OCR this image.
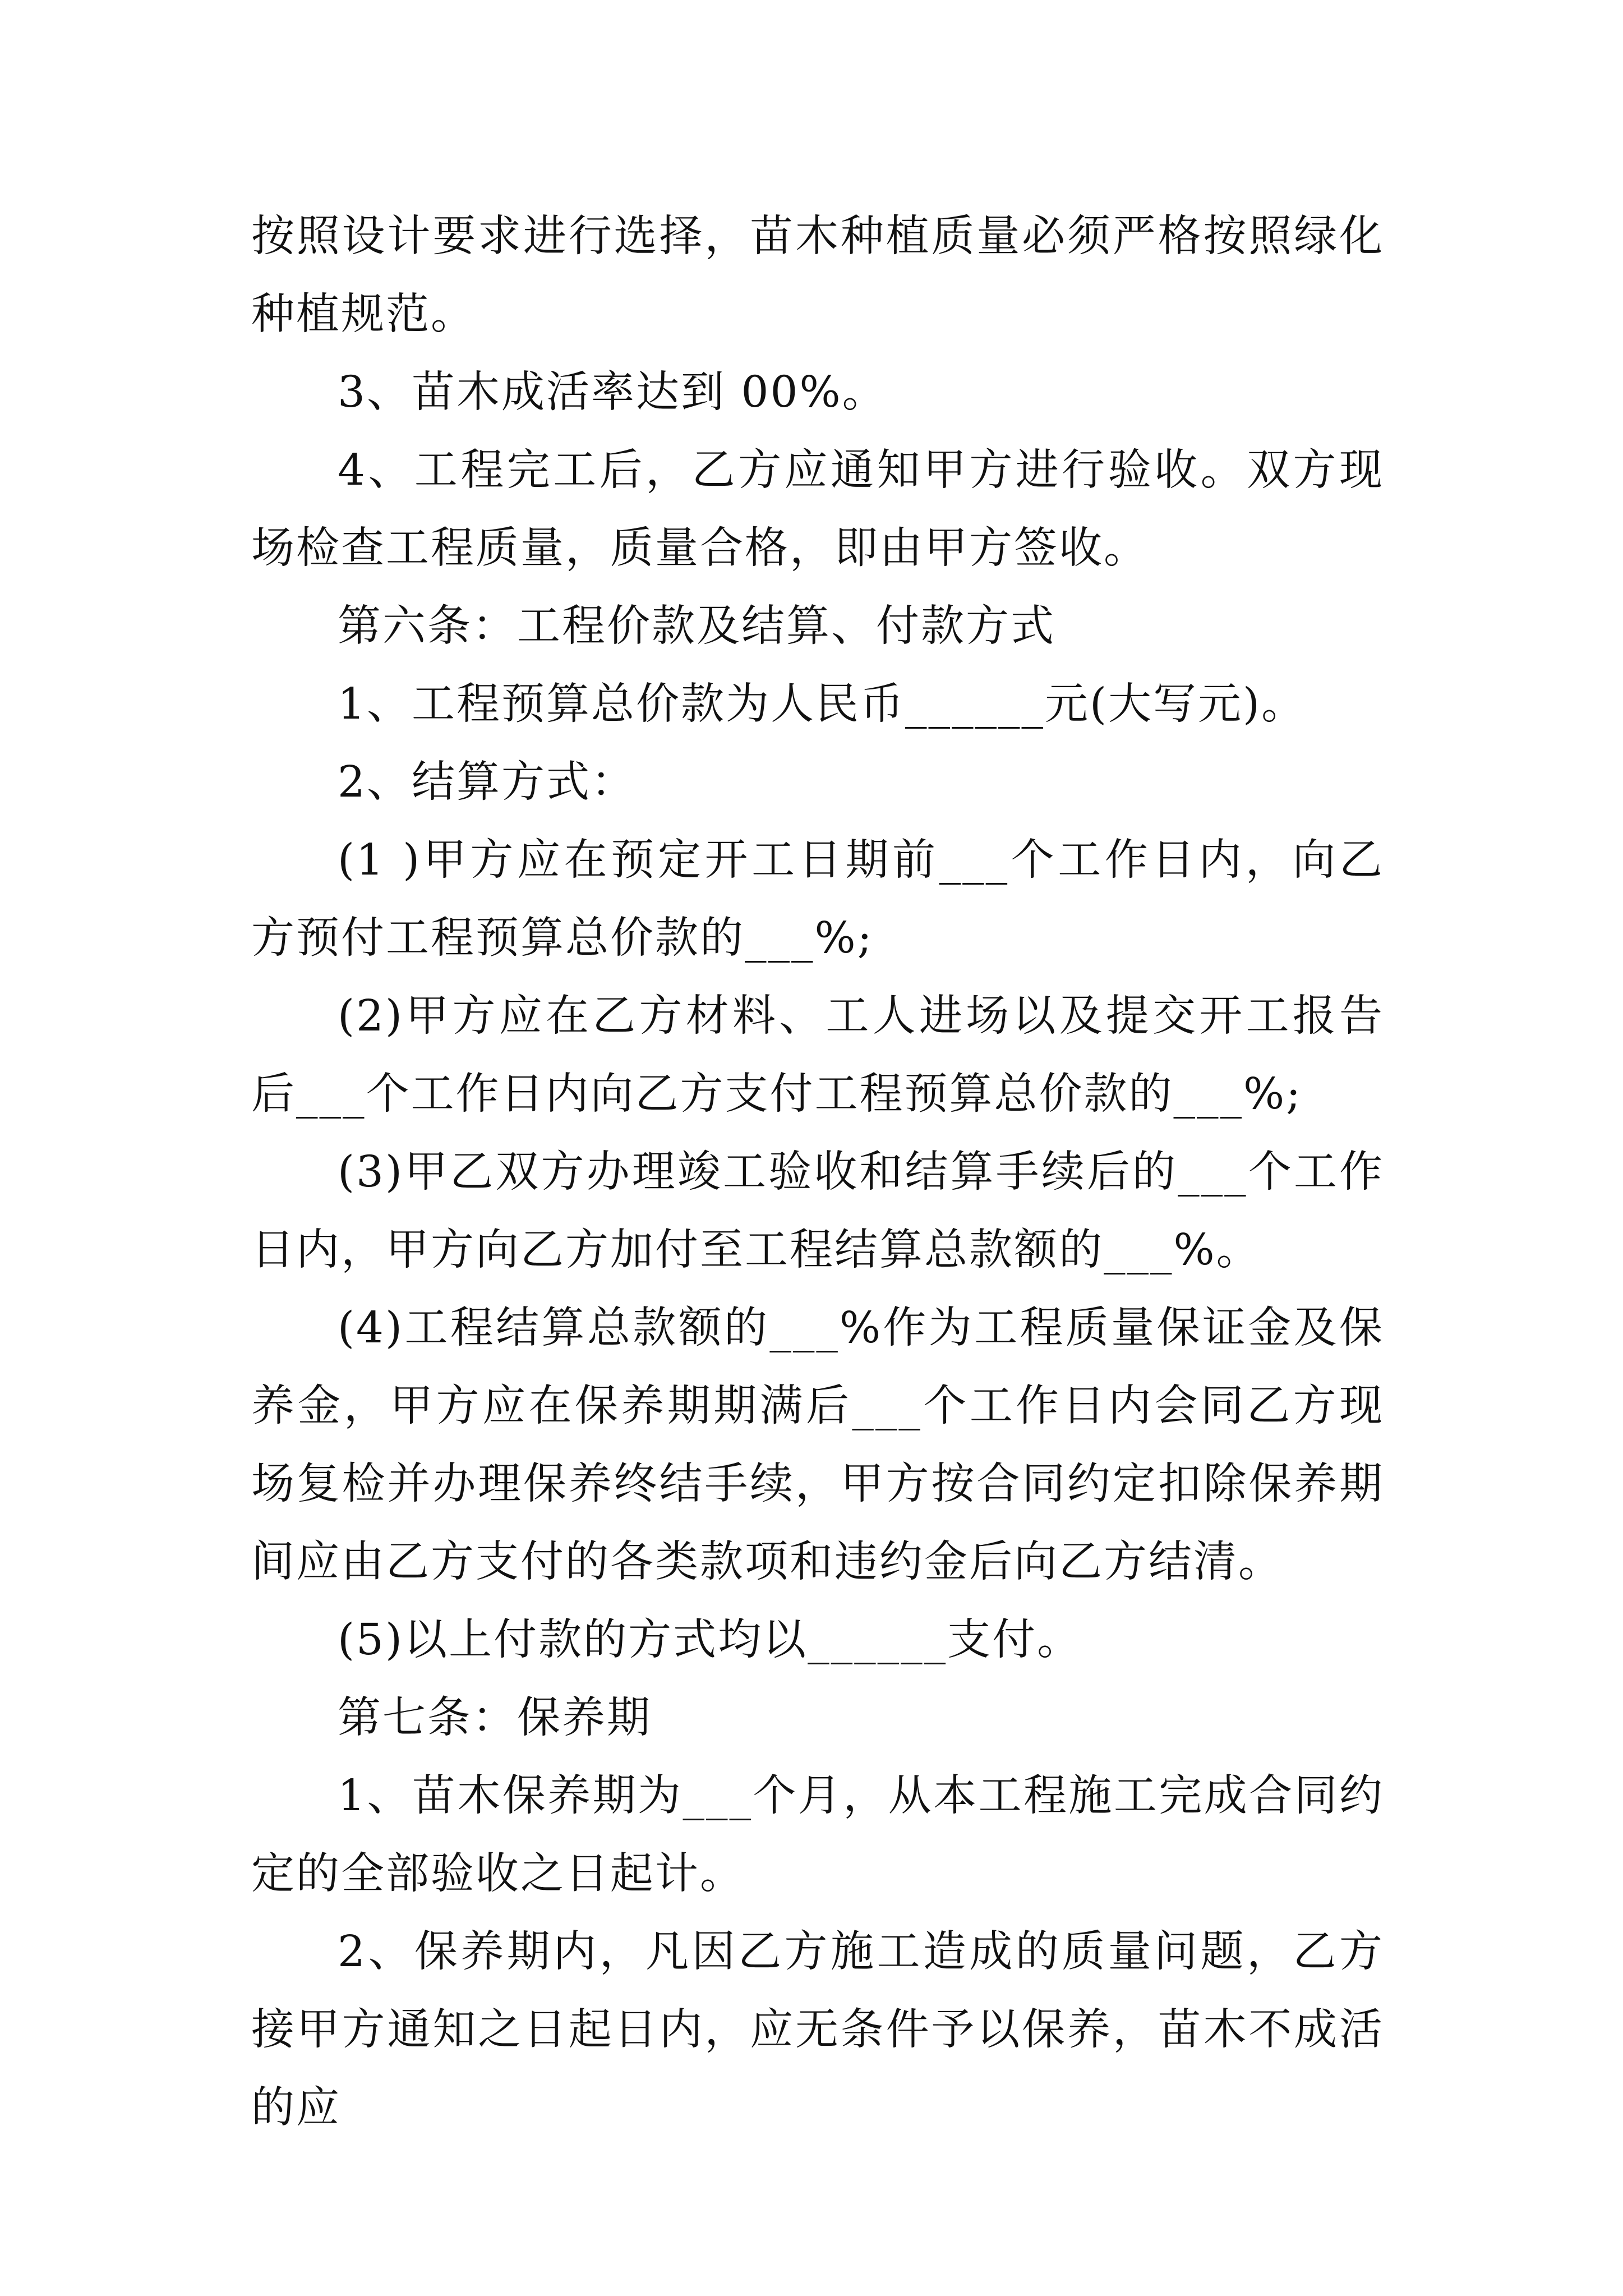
按照设计要求进行选择，苗木种植质量必须严格按照绿化种植规范。

3、苗木成活率达到 00%。

4、工程完工后，乙方应通知甲方进行验收。双方现场检查工程质量，质量合格，即由甲方签收。

第六条：工程价款及结算、付款方式

1、工程预算总价款为人民币______元(大写元)。

2、结算方式：

(1 )甲方应在预定开工日期前___个工作日内，向乙方预付工程预算总价款的___%;

(2)甲方应在乙方材料、工人进场以及提交开工报告后___个工作日内向乙方支付工程预算总价款的___%;

(3)甲乙双方办理竣工验收和结算手续后的___个工作日内，甲方向乙方加付至工程结算总款额的___%。

(4)工程结算总款额的___%作为工程质量保证金及保养金，甲方应在保养期期满后___个工作日内会同乙方现场复检并办理保养终结手续，甲方按合同约定扣除保养期间应由乙方支付的各类款项和违约金后向乙方结清。

(5)以上付款的方式均以______支付。

第七条：保养期

1、苗木保养期为___个月，从本工程施工完成合同约定的全部验收之日起计。

2、保养期内，凡因乙方施工造成的质量问题，乙方接甲方通知之日起日内，应无条件予以保养，苗木不成活的应
